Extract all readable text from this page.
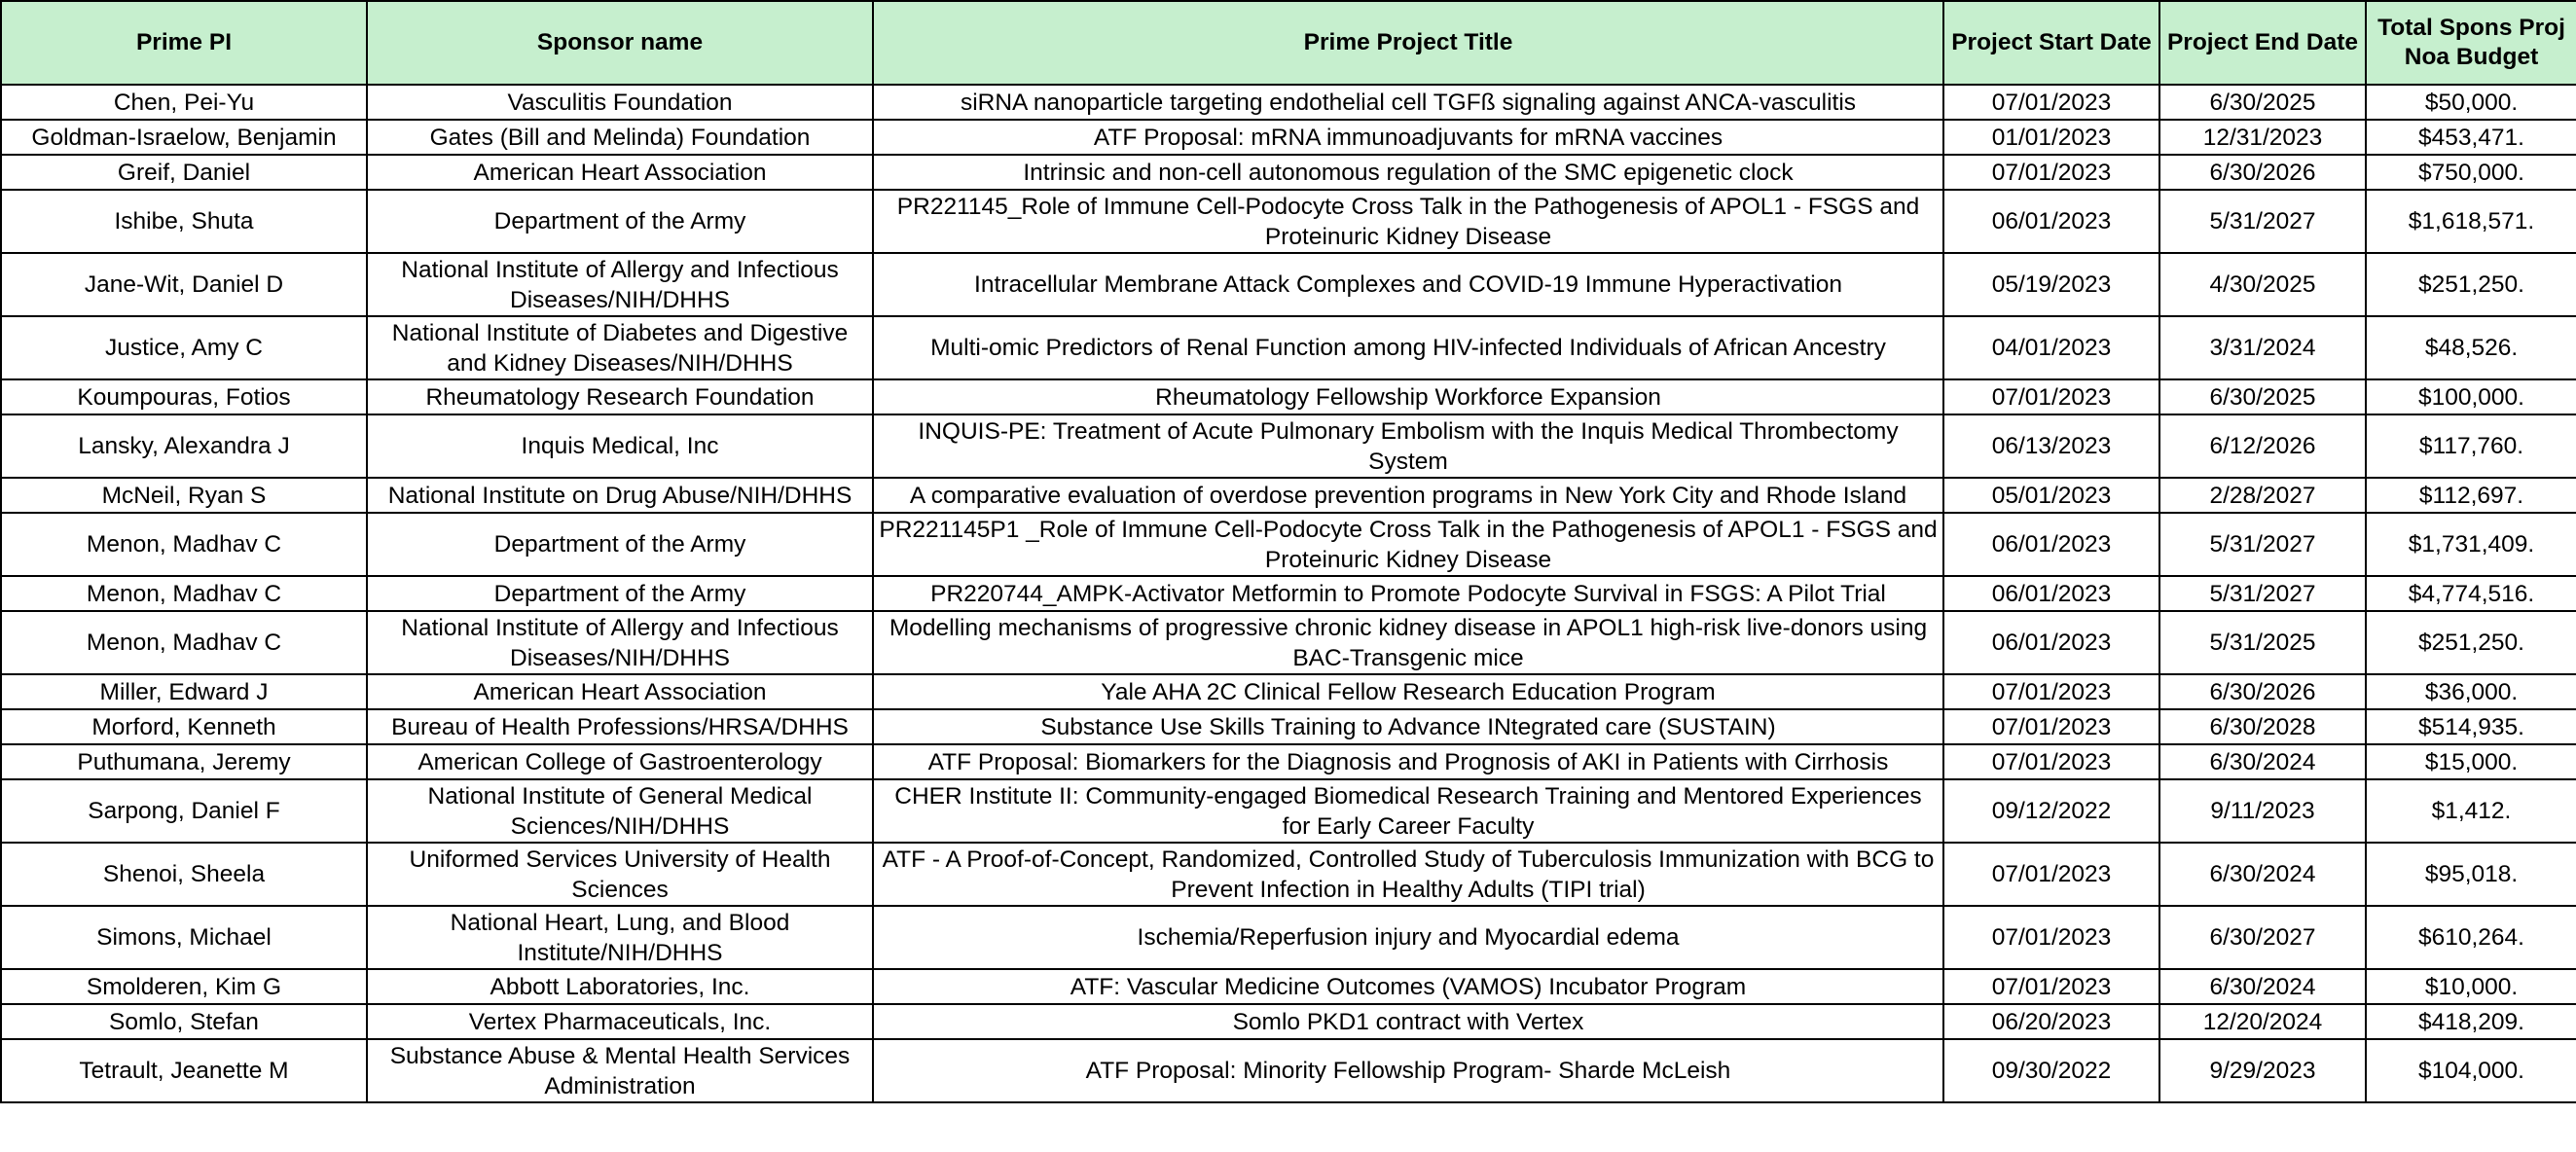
Prime PI	Sponsor name	Prime Project Title	Project Start Date	Project End Date	Total Spons Proj Noa Budget
Chen, Pei-Yu	Vasculitis Foundation	siRNA nanoparticle targeting endothelial cell TGFß signaling against ANCA-vasculitis	07/01/2023	6/30/2025	$50,000.
Goldman-Israelow, Benjamin	Gates (Bill and Melinda) Foundation	ATF Proposal: mRNA immunoadjuvants for mRNA vaccines	01/01/2023	12/31/2023	$453,471.
Greif, Daniel	American Heart Association	Intrinsic and non-cell autonomous regulation of the SMC epigenetic clock	07/01/2023	6/30/2026	$750,000.
Ishibe, Shuta	Department of the Army	PR221145_Role of Immune Cell-Podocyte Cross Talk in the Pathogenesis of APOL1 - FSGS and Proteinuric Kidney Disease	06/01/2023	5/31/2027	$1,618,571.
Jane-Wit, Daniel D	National Institute of Allergy and Infectious Diseases/NIH/DHHS	Intracellular Membrane Attack Complexes and COVID-19 Immune Hyperactivation	05/19/2023	4/30/2025	$251,250.
Justice, Amy C	National Institute of Diabetes and Digestive and Kidney Diseases/NIH/DHHS	Multi-omic Predictors of Renal Function among HIV-infected Individuals of African Ancestry	04/01/2023	3/31/2024	$48,526.
Koumpouras, Fotios	Rheumatology Research Foundation	Rheumatology Fellowship Workforce Expansion	07/01/2023	6/30/2025	$100,000.
Lansky, Alexandra J	Inquis Medical, Inc	INQUIS-PE: Treatment of Acute Pulmonary Embolism with the Inquis Medical Thrombectomy System	06/13/2023	6/12/2026	$117,760.
McNeil, Ryan S	National Institute on Drug Abuse/NIH/DHHS	A comparative evaluation of overdose prevention programs in New York City and Rhode Island	05/01/2023	2/28/2027	$112,697.
Menon, Madhav C	Department of the Army	PR221145P1 _Role of Immune Cell-Podocyte Cross Talk in the Pathogenesis of APOL1 - FSGS and Proteinuric Kidney Disease	06/01/2023	5/31/2027	$1,731,409.
Menon, Madhav C	Department of the Army	PR220744_AMPK-Activator Metformin to Promote Podocyte Survival in FSGS: A Pilot Trial	06/01/2023	5/31/2027	$4,774,516.
Menon, Madhav C	National Institute of Allergy and Infectious Diseases/NIH/DHHS	Modelling mechanisms of progressive chronic kidney disease in APOL1 high-risk live-donors using BAC-Transgenic mice	06/01/2023	5/31/2025	$251,250.
Miller, Edward J	American Heart Association	Yale AHA 2C Clinical Fellow Research Education Program	07/01/2023	6/30/2026	$36,000.
Morford, Kenneth	Bureau of Health Professions/HRSA/DHHS	Substance Use Skills Training to Advance INtegrated care (SUSTAIN)	07/01/2023	6/30/2028	$514,935.
Puthumana, Jeremy	American College of Gastroenterology	ATF Proposal: Biomarkers for the Diagnosis and Prognosis of AKI in Patients with Cirrhosis	07/01/2023	6/30/2024	$15,000.
Sarpong, Daniel F	National Institute of General Medical Sciences/NIH/DHHS	CHER Institute II: Community-engaged Biomedical Research Training and Mentored Experiences for Early Career Faculty	09/12/2022	9/11/2023	$1,412.
Shenoi, Sheela	Uniformed Services University of Health Sciences	ATF - A Proof-of-Concept, Randomized, Controlled Study of Tuberculosis Immunization with BCG to Prevent Infection in Healthy Adults (TIPI trial)	07/01/2023	6/30/2024	$95,018.
Simons, Michael	National Heart, Lung, and Blood Institute/NIH/DHHS	Ischemia/Reperfusion injury and Myocardial edema	07/01/2023	6/30/2027	$610,264.
Smolderen, Kim G	Abbott Laboratories, Inc.	ATF: Vascular Medicine Outcomes (VAMOS) Incubator Program	07/01/2023	6/30/2024	$10,000.
Somlo, Stefan	Vertex Pharmaceuticals, Inc.	Somlo PKD1 contract with Vertex	06/20/2023	12/20/2024	$418,209.
Tetrault, Jeanette M	Substance Abuse & Mental Health Services Administration	ATF Proposal: Minority Fellowship Program- Sharde McLeish	09/30/2022	9/29/2023	$104,000.
